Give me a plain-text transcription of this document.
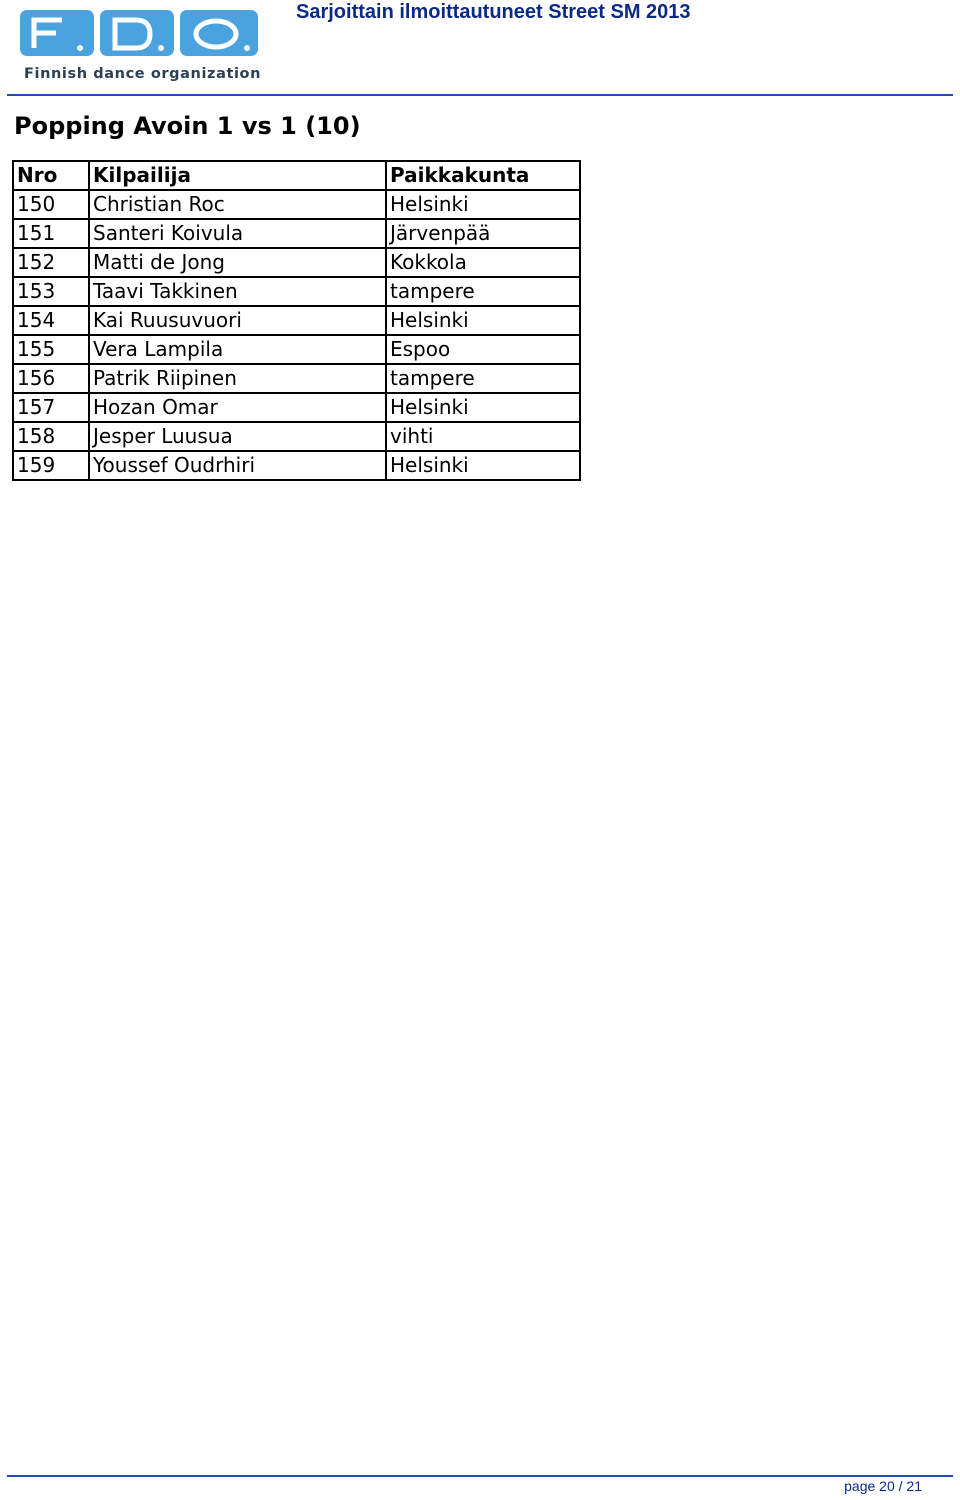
Finnish dance organization
Sarjoittain ilmoittautuneet Street SM 2013
Popping Avoin 1 vs 1 (10)
Nro	Kilpailija	Paikkakunta
150	Christian Roc	Helsinki
151	Santeri Koivula	Järvenpää
152	Matti de Jong	Kokkola
153	Taavi Takkinen	tampere
154	Kai Ruusuvuori	Helsinki
155	Vera Lampila	Espoo
156	Patrik Riipinen	tampere
157	Hozan Omar	Helsinki
158	Jesper Luusua	vihti
159	Youssef Oudrhiri	Helsinki
page 20 / 21
